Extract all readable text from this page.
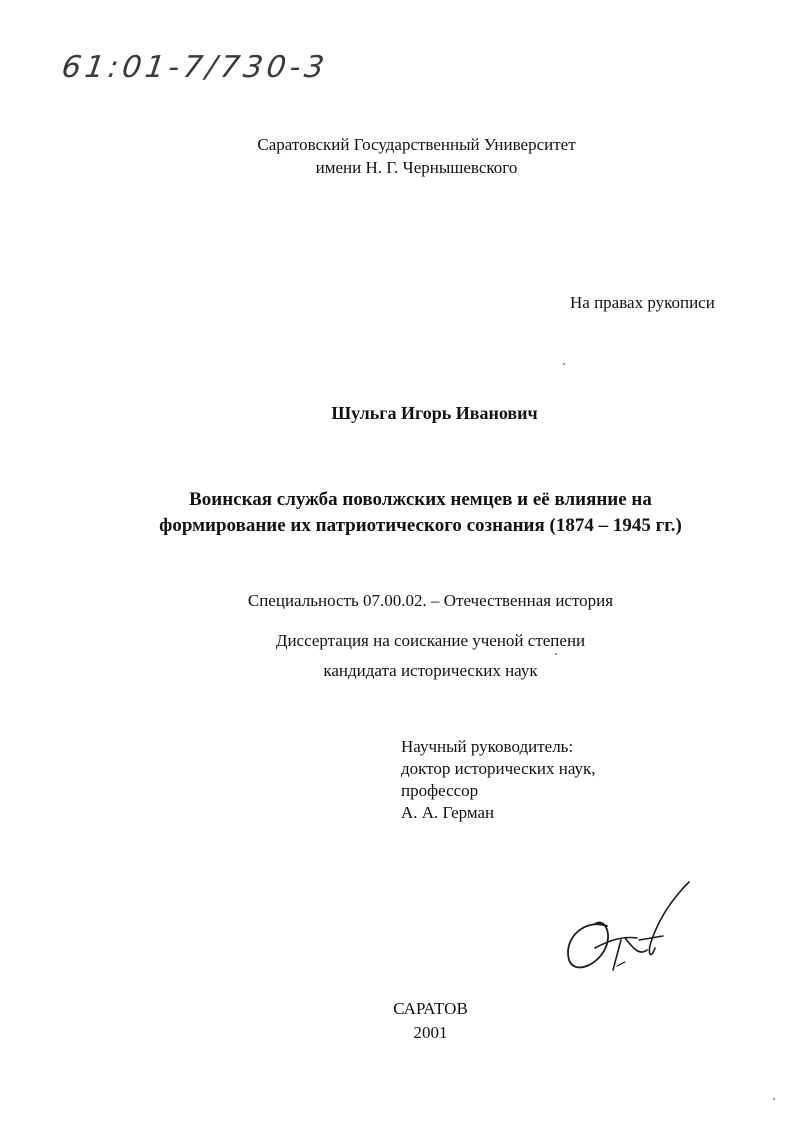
61:01-7/730-3
Саратовский Государственный Университет
имени Н. Г. Чернышевского
На правах рукописи
Шульга Игорь Иванович
Воинская служба поволжских немцев и её влияние на
формирование их патриотического сознания (1874 – 1945 гг.)
Специальность 07.00.02. – Отечественная история
Диссертация на соискание ученой степени
кандидата исторических наук
Научный руководитель:
доктор исторических наук,
профессор
А. А. Герман
САРАТОВ
2001
